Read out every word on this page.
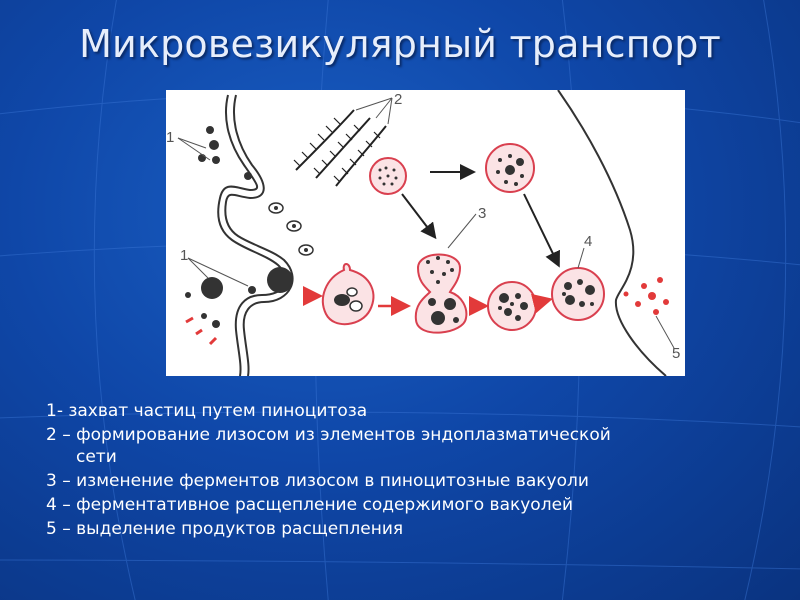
Микровезикулярный транспорт
1
1
2
3
4
5
1- захват частиц путем пиноцитоза
2 – формирование лизосом из элементов эндоплазматической
сети
3 – изменение ферментов лизосом в пиноцитозные вакуоли
4 – ферментативное расщепление содержимого вакуолей
5 – выделение продуктов расщепления
